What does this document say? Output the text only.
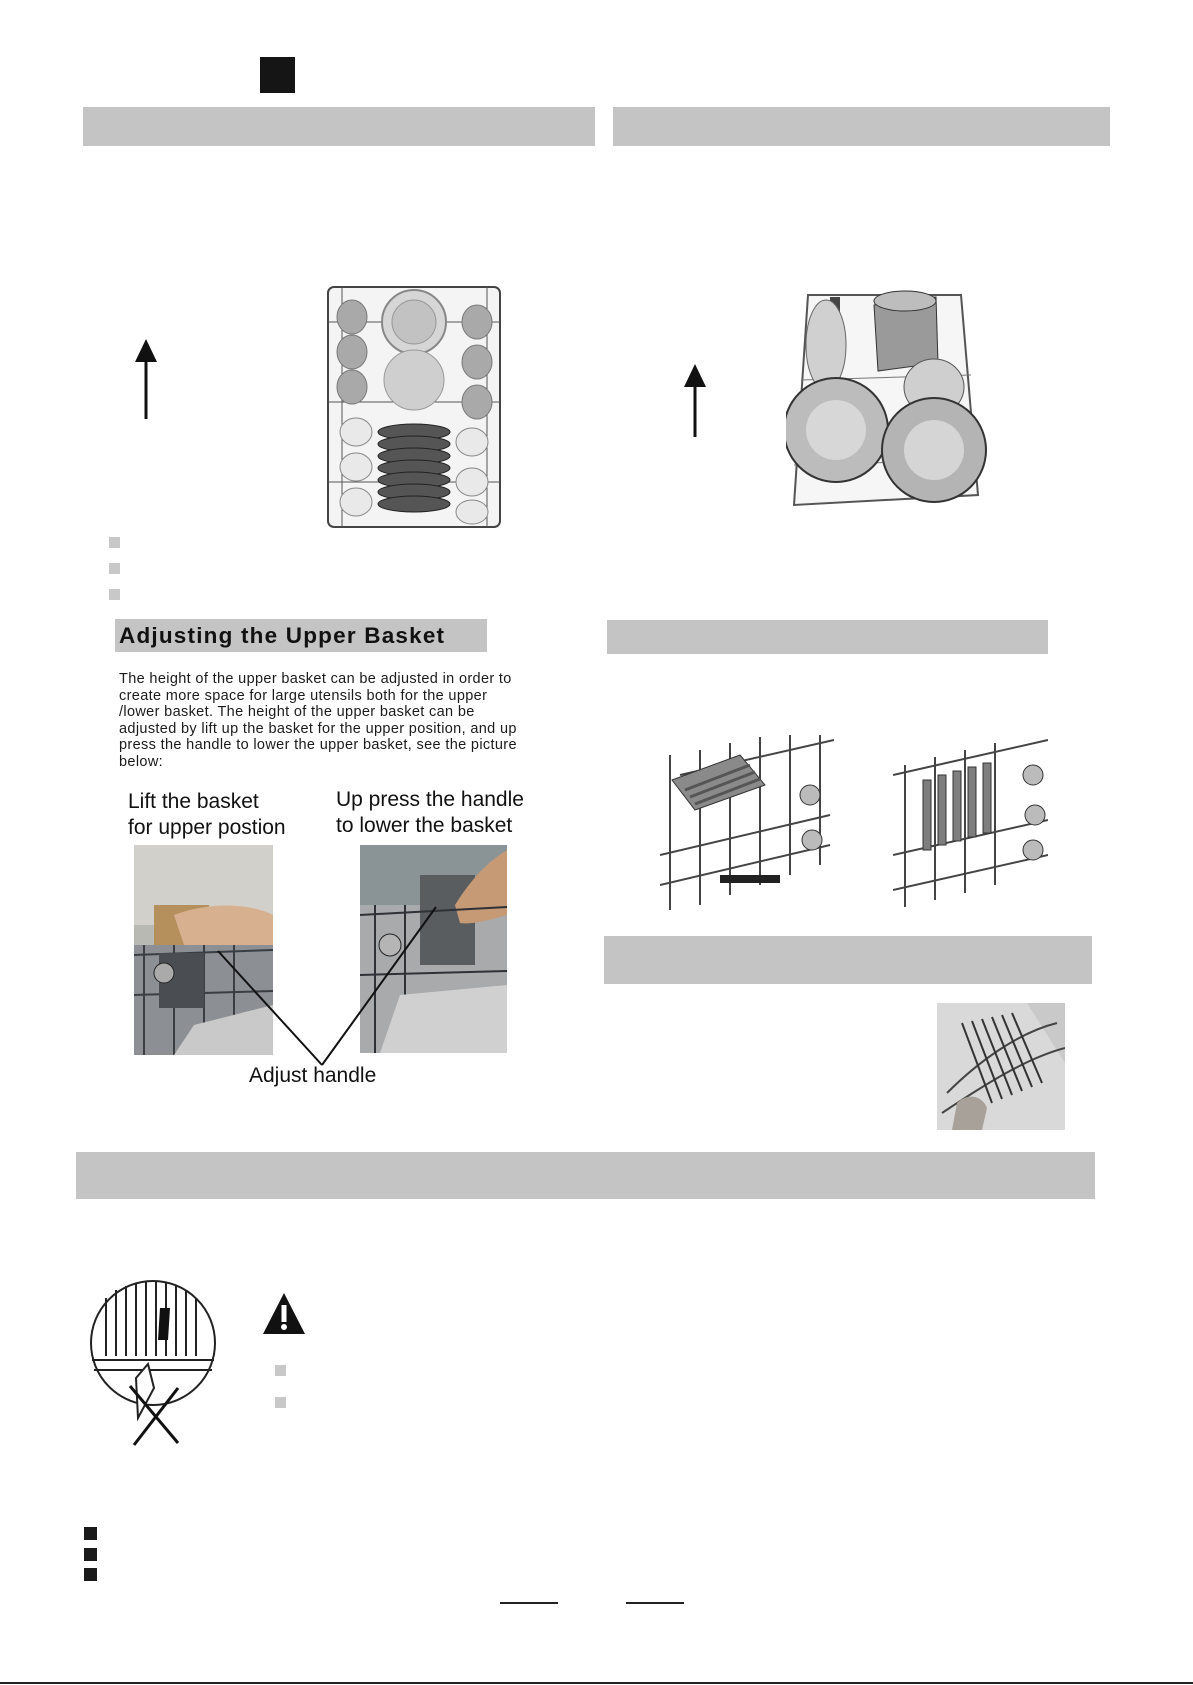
Adjusting the Upper Basket
The height of the upper basket can be adjusted in order to
create more space for large utensils both for the upper
/lower basket. The height of the upper basket can be
adjusted by lift up the basket for the upper position, and up
press the handle to lower the upper basket, see the picture
below:
Lift the basket
for upper postion
Up press the handle
to lower the basket
Adjust handle
